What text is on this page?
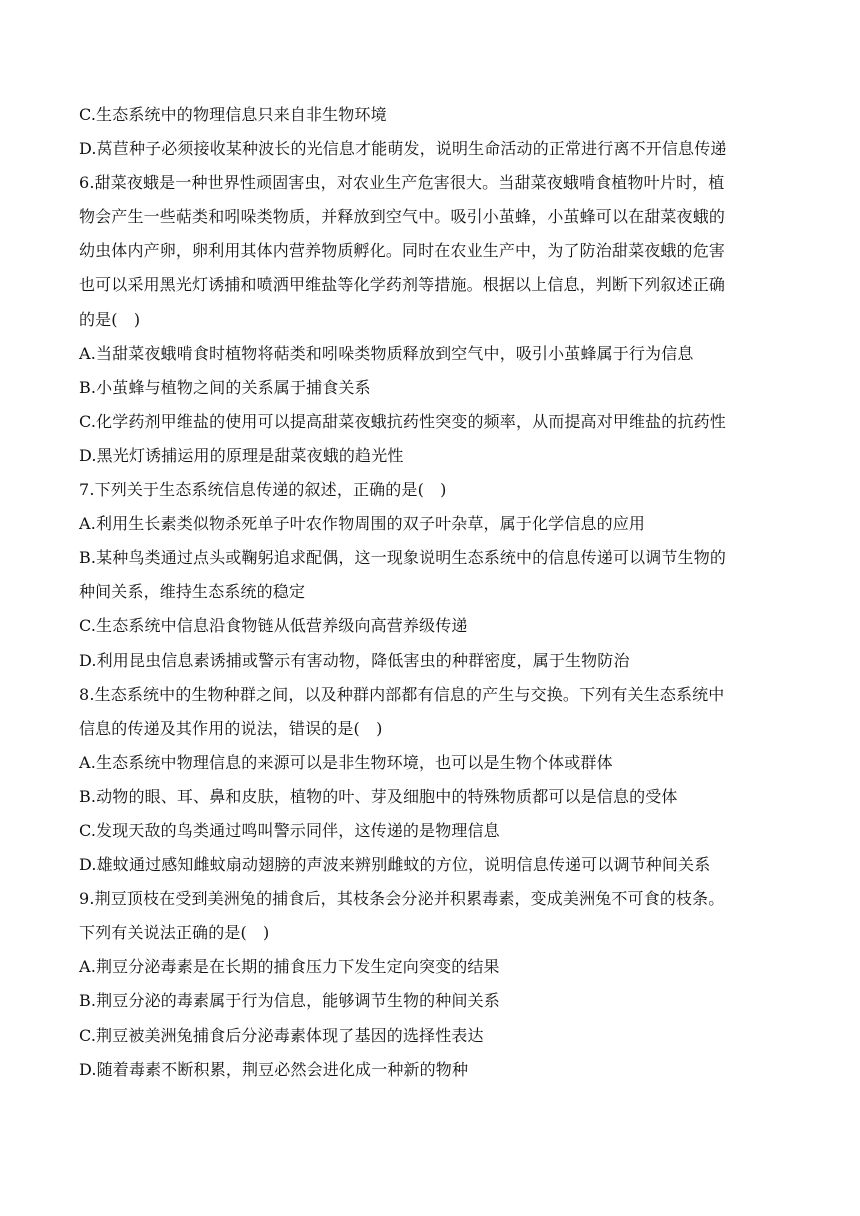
C.生态系统中的物理信息只来自非生物环境
D.莴苣种子必须接收某种波长的光信息才能萌发，说明生命活动的正常进行离不开信息传递
6.甜菜夜蛾是一种世界性顽固害虫，对农业生产危害很大。当甜菜夜蛾啃食植物叶片时，植
物会产生一些萜类和吲哚类物质，并释放到空气中。吸引小茧蜂，小茧蜂可以在甜菜夜蛾的
幼虫体内产卵，卵利用其体内营养物质孵化。同时在农业生产中，为了防治甜菜夜蛾的危害
也可以采用黑光灯诱捕和喷洒甲维盐等化学药剂等措施。根据以上信息，判断下列叙述正确
的是(　)
A.当甜菜夜蛾啃食时植物将萜类和吲哚类物质释放到空气中，吸引小茧蜂属于行为信息
B.小茧蜂与植物之间的关系属于捕食关系
C.化学药剂甲维盐的使用可以提高甜菜夜蛾抗药性突变的频率，从而提高对甲维盐的抗药性
D.黑光灯诱捕运用的原理是甜菜夜蛾的趋光性
7.下列关于生态系统信息传递的叙述，正确的是(　)
A.利用生长素类似物杀死单子叶农作物周围的双子叶杂草，属于化学信息的应用
B.某种鸟类通过点头或鞠躬追求配偶，这一现象说明生态系统中的信息传递可以调节生物的
种间关系，维持生态系统的稳定
C.生态系统中信息沿食物链从低营养级向高营养级传递
D.利用昆虫信息素诱捕或警示有害动物，降低害虫的种群密度，属于生物防治
8.生态系统中的生物种群之间，以及种群内部都有信息的产生与交换。下列有关生态系统中
信息的传递及其作用的说法，错误的是(　)
A.生态系统中物理信息的来源可以是非生物环境，也可以是生物个体或群体
B.动物的眼、耳、鼻和皮肤，植物的叶、芽及细胞中的特殊物质都可以是信息的受体
C.发现天敌的鸟类通过鸣叫警示同伴，这传递的是物理信息
D.雄蚊通过感知雌蚊扇动翅膀的声波来辨别雌蚊的方位，说明信息传递可以调节种间关系
9.荆豆顶枝在受到美洲兔的捕食后，其枝条会分泌并积累毒素，变成美洲兔不可食的枝条。
下列有关说法正确的是(　)
A.荆豆分泌毒素是在长期的捕食压力下发生定向突变的结果
B.荆豆分泌的毒素属于行为信息，能够调节生物的种间关系
C.荆豆被美洲兔捕食后分泌毒素体现了基因的选择性表达
D.随着毒素不断积累，荆豆必然会进化成一种新的物种
